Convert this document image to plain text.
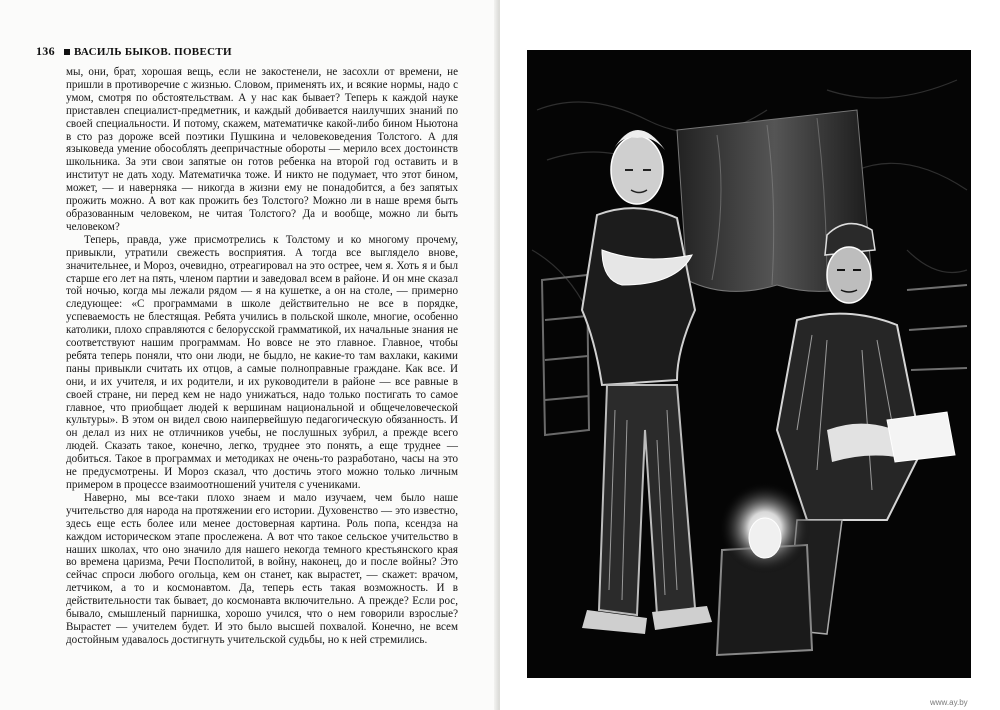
136 ВАСИЛЬ БЫКОВ. ПОВЕСТИ

мы, они, брат, хорошая вещь, если не закостенели, не засохли от времени, не пришли в противоречие с жизнью. Словом, применять их, и всякие нормы, надо с умом, смотря по обстоятельствам. А у нас как бывает? Теперь к каждой науке приставлен специалист-предметник, и каждый добивается наилучших знаний по своей специальности. И потому, скажем, математичке какой-либо бином Ньютона в сто раз дороже всей поэтики Пушкина и человековедения Толстого. А для языковеда умение обособлять деепричастные обороты — мерило всех достоинств школьника. За эти свои запятые он готов ребенка на второй год оставить и в институт не дать ходу. Математичка тоже. И никто не подумает, что этот бином, может, — и наверняка — никогда в жизни ему не понадобится, а без запятых прожить можно. А вот как прожить без Толстого? Можно ли в наше время быть образованным человеком, не читая Толстого? Да и вообще, можно ли быть человеком?

Теперь, правда, уже присмотрелись к Толстому и ко многому прочему, привыкли, утратили свежесть восприятия. А тогда все выглядело вновe, значительнее, и Мороз, очевидно, отреагировал на это острее, чем я. Хоть я и был старше его лет на пять, членом партии и заведовал всем в районе. И он мне сказал той ночью, когда мы лежали рядом — я на кушетке, а он на столе, — примерно следующее: «С программами в школе действительно не все в порядке, успеваемость не блестящая. Ребята учились в польской школе, многие, особенно католики, плохо справляются с белорусской грамматикой, их начальные знания не соответствуют нашим программам. Но вовсе не это главное. Главное, чтобы ребята теперь поняли, что они люди, не быдло, не какие-то там вахлаки, какими паны привыкли считать их отцов, а самые полноправные граждане. Как все. И они, и их учителя, и их родители, и их руководители в районе — все равные в своей стране, ни перед кем не надо унижаться, надо только постигать то самое главное, что приобщает людей к вершинам национальной и общечеловеческой культуры». В этом он видел свою наипервейшую педагогическую обязанность. И он делал из них не отличников учебы, не послушных зубрил, а прежде всего людей. Сказать такое, конечно, легко, труднее это понять, а еще труднее — добиться. Такое в программах и методиках не очень-то разработано, часы на это не предусмотрены. И Мороз сказал, что достичь этого можно только личным примером в процессе взаимоотношений учителя с учениками.

Наверно, мы все-таки плохо знаем и мало изучаем, чем было наше учительство для народа на протяжении его истории. Духовенство — это известно, здесь еще есть более или менее достоверная картина. Роль попа, ксендза на каждом историческом этапе прослежена. А вот что такое сельское учительство в наших школах, что оно значило для нашего некогда темного крестьянского края во времена царизма, Речи Посполитой, в войну, наконец, до и после войны? Это сейчас спроси любого огольца, кем он станет, как вырастет, — скажет: врачом, летчиком, а то и космонавтом. Да, теперь есть такая возможность. И в действительности так бывает, до космонавта включительно. А прежде? Если рос, бывало, смышленый парнишка, хорошо учился, что о нем говорили взрослые? Вырастет — учителем будет. И это было высшей похвалой. Конечно, не всем достойным удавалось достигнуть учительской судьбы, но к ней стремились.

www.ay.by
